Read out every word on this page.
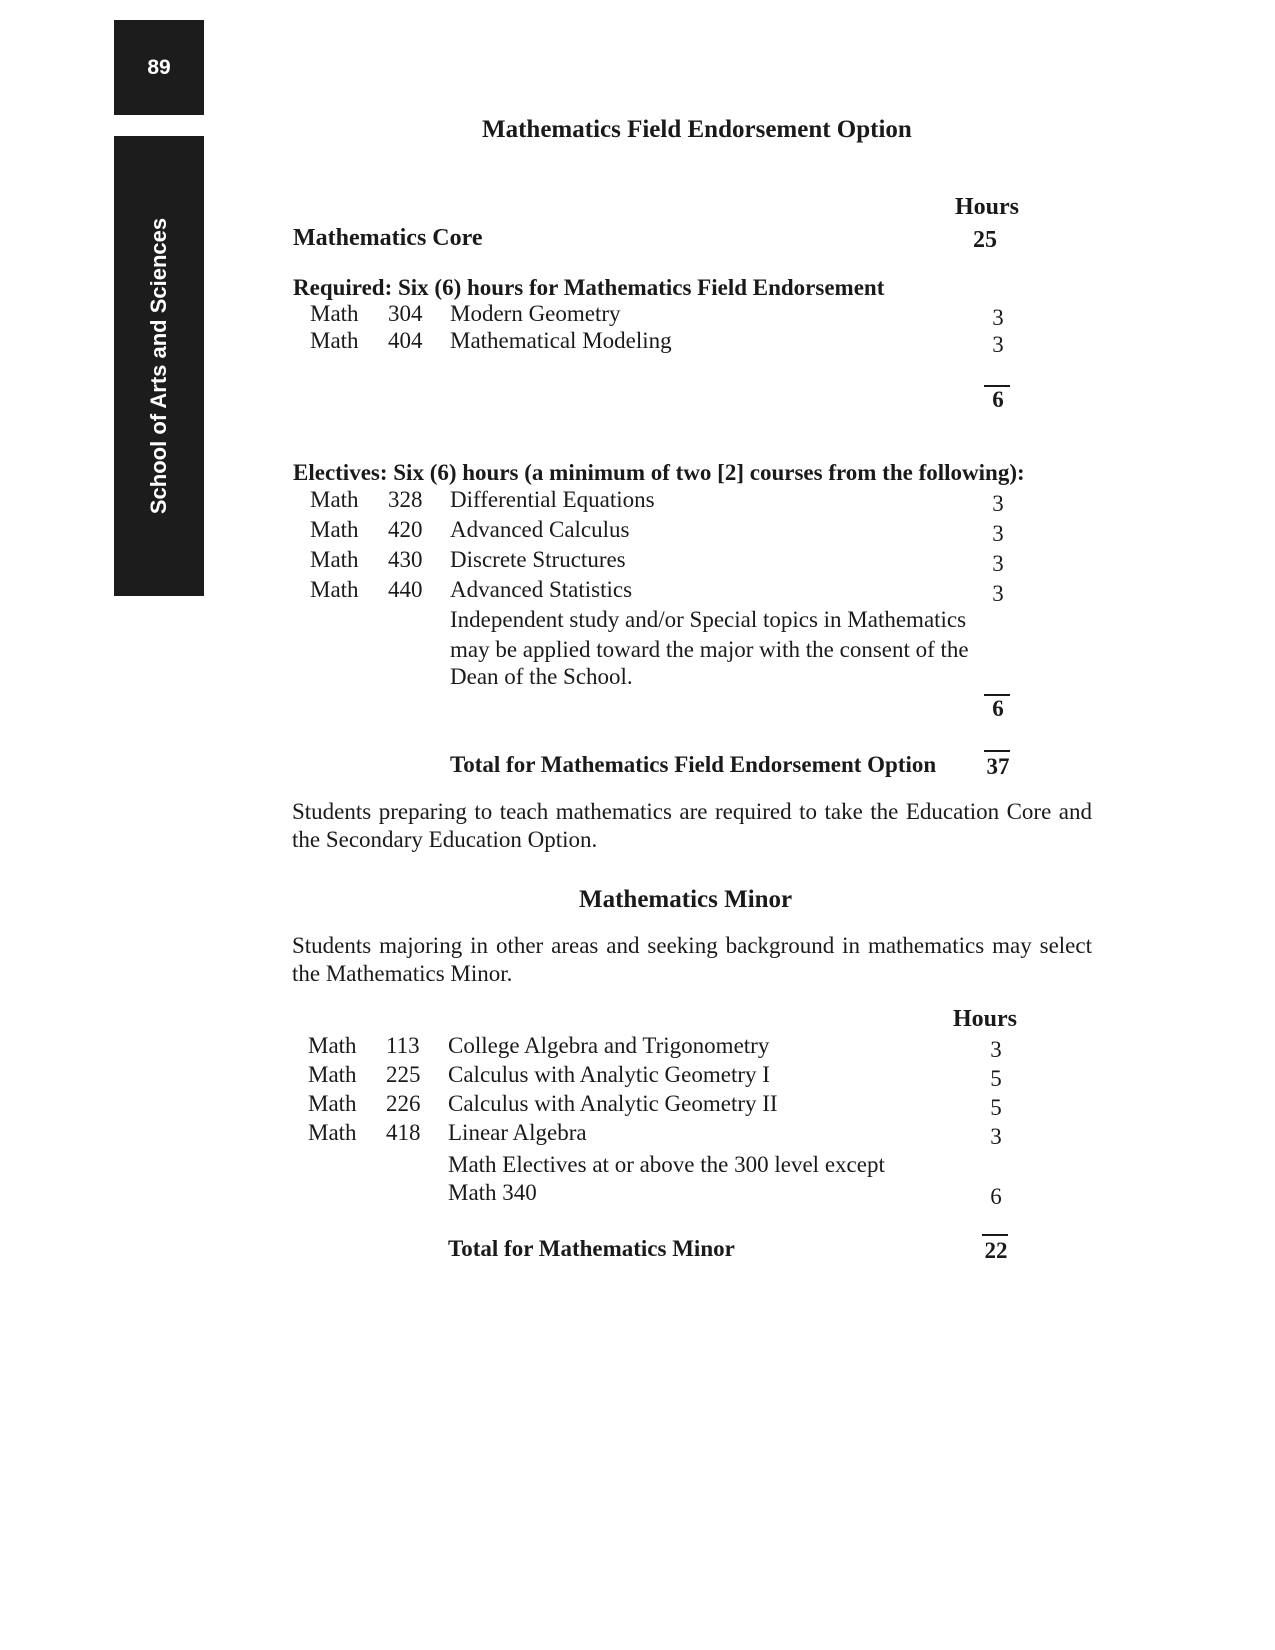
89
School of Arts and Sciences
Mathematics Field Endorsement Option
Hours
Mathematics Core	25
Required: Six (6) hours for Mathematics Field Endorsement
Math 304 Modern Geometry	3
Math 404 Mathematical Modeling	3
6
Electives: Six (6) hours (a minimum of two [2] courses from the following):
Math 328 Differential Equations	3
Math 420 Advanced Calculus	3
Math 430 Discrete Structures	3
Math 440 Advanced Statistics	3
Independent study and/or Special topics in Mathematics
may be applied toward the major with the consent of the
Dean of the School.
6
Total for Mathematics Field Endorsement Option	37
Students preparing to teach mathematics are required to take the Education Core and the Secondary Education Option.
Mathematics Minor
Students majoring in other areas and seeking background in mathematics may select the Mathematics Minor.
Hours
Math 113 College Algebra and Trigonometry	3
Math 225 Calculus with Analytic Geometry I	5
Math 226 Calculus with Analytic Geometry II	5
Math 418 Linear Algebra	3
Math Electives at or above the 300 level except
Math 340	6
Total for Mathematics Minor	22
